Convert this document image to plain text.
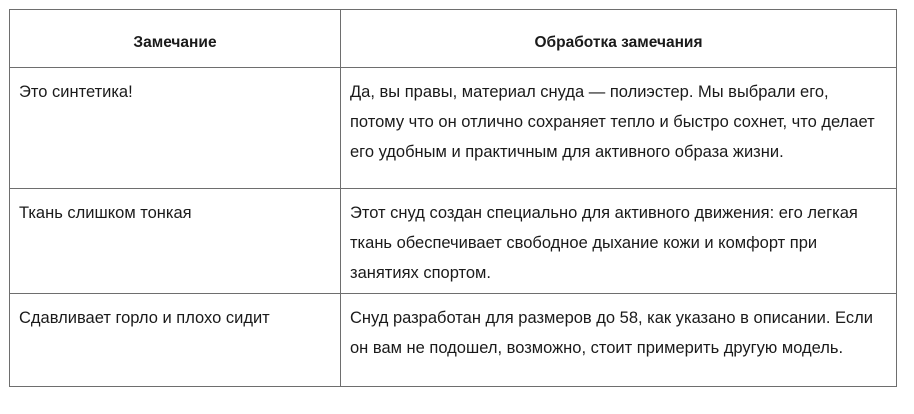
Замечание	Обработка замечания
Это синтетика!	Да, вы правы, материал снуда — полиэстер. Мы выбрали его, потому что он отлично сохраняет тепло и быстро сохнет, что делает его удобным и практичным для активного образа жизни.
Ткань слишком тонкая	Этот снуд создан специально для активного движения: его легкая ткань обеспечивает свободное дыхание кожи и комфорт при занятиях спортом.
Сдавливает горло и плохо сидит	Снуд разработан для размеров до 58, как указано в описании. Если он вам не подошел, возможно, стоит примерить другую модель.
